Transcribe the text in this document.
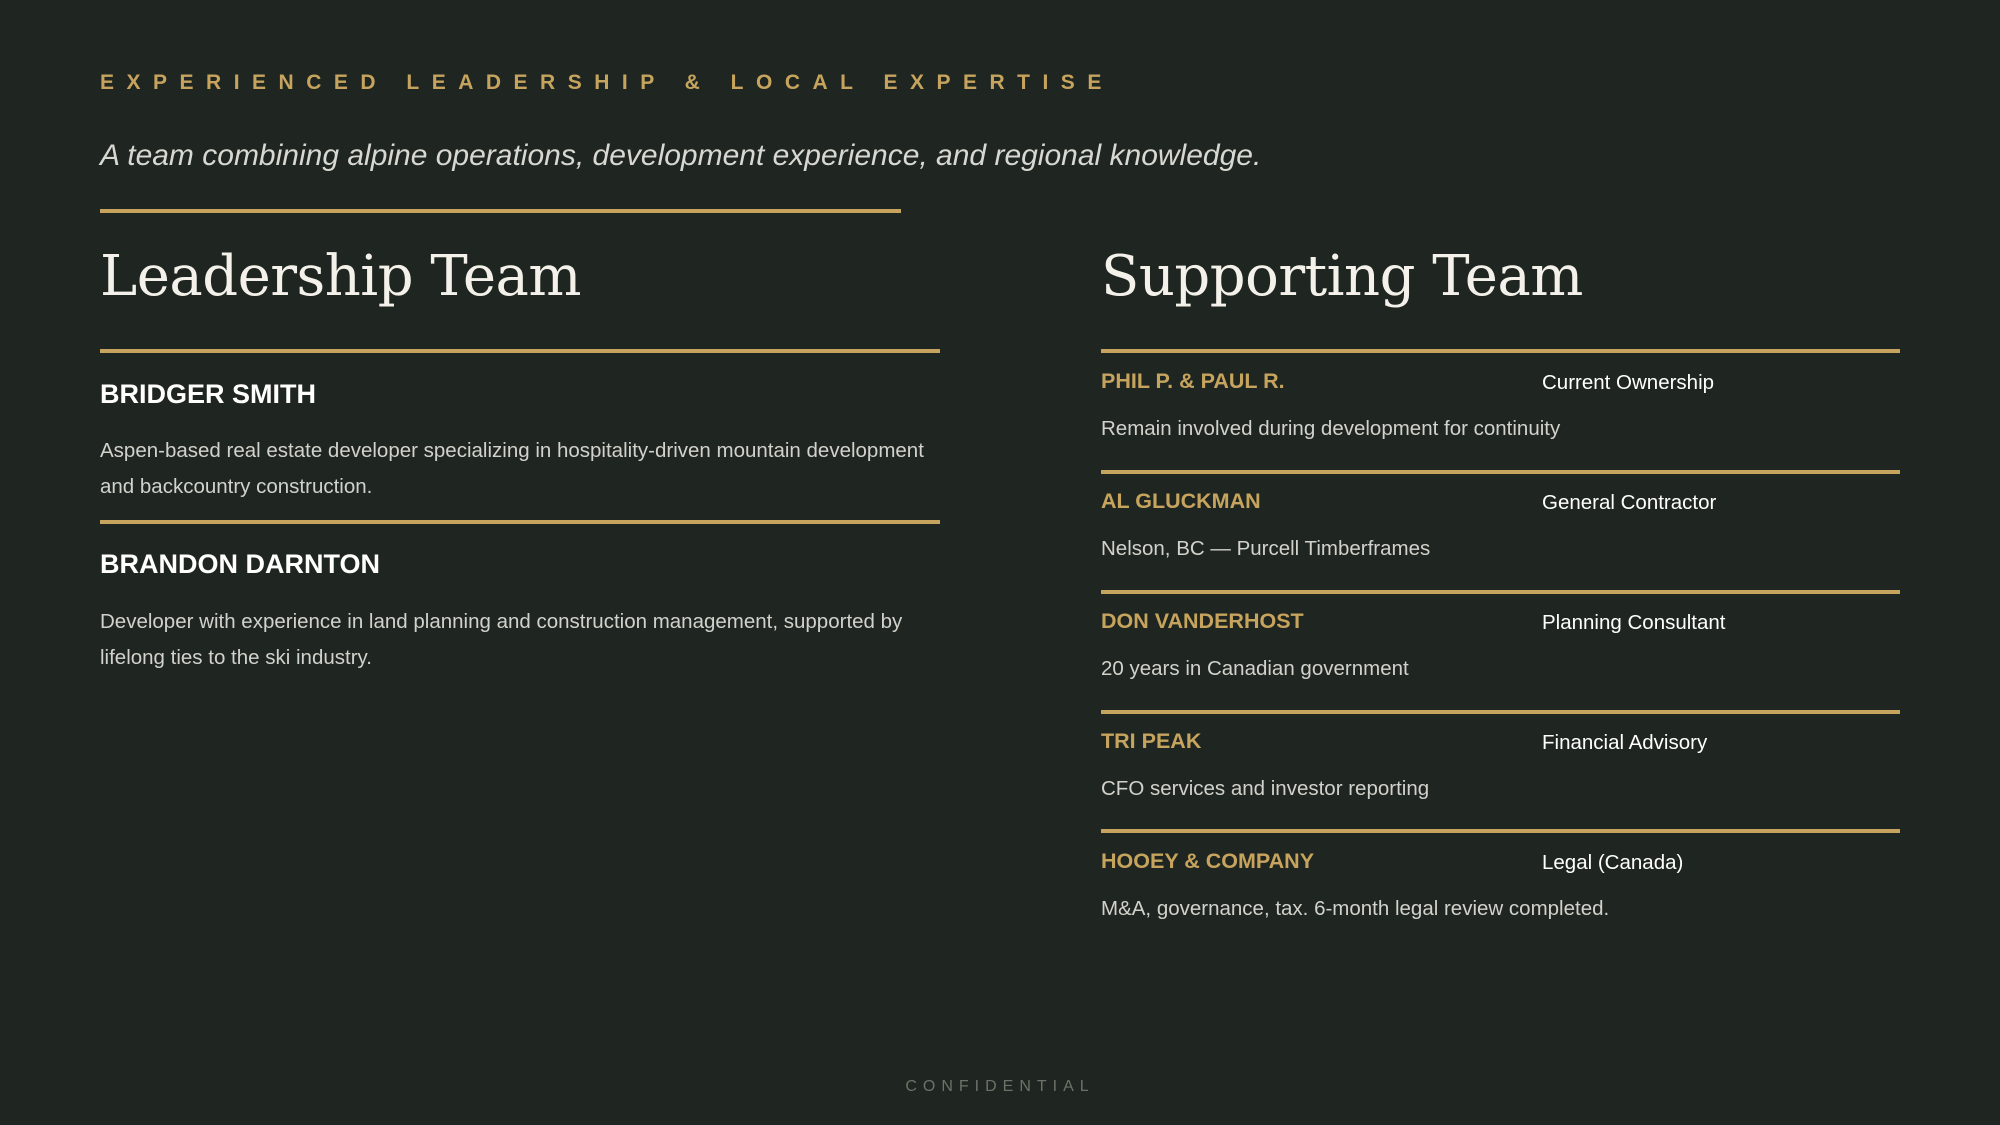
EXPERIENCED LEADERSHIP & LOCAL EXPERTISE
A team combining alpine operations, development experience, and regional knowledge.
Leadership Team
BRIDGER SMITH
Aspen-based real estate developer specializing in hospitality-driven mountain development and backcountry construction.
BRANDON DARNTON
Developer with experience in land planning and construction management, supported by lifelong ties to the ski industry.
Supporting Team
PHIL P. & PAUL R.	Current Ownership
Remain involved during development for continuity
AL GLUCKMAN	General Contractor
Nelson, BC — Purcell Timberframes
DON VANDERHOST	Planning Consultant
20 years in Canadian government
TRI PEAK	Financial Advisory
CFO services and investor reporting
HOOEY & COMPANY	Legal (Canada)
M&A, governance, tax. 6-month legal review completed.
CONFIDENTIAL
